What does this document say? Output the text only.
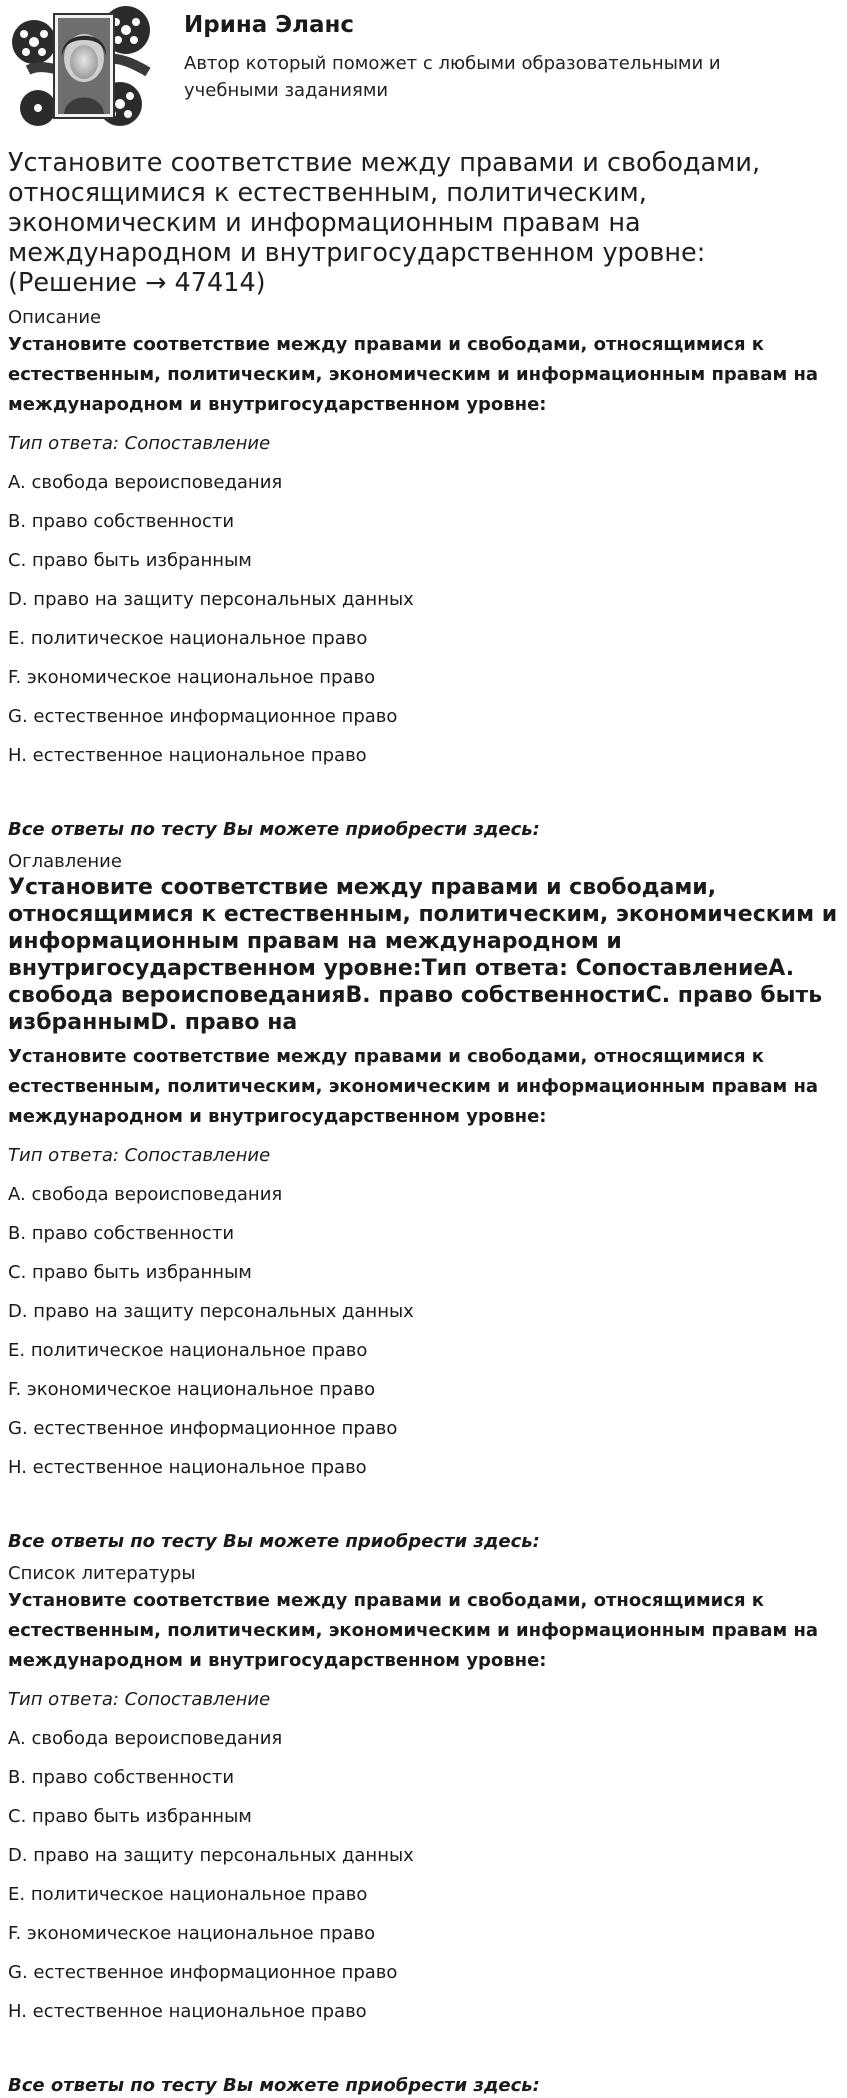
Ирина Эланс
Автор который поможет с любыми образовательными и учебными заданиями
Установите соответствие между правами и свободами, относящимися к естественным, политическим, экономическим и информационным правам на международном и внутригосударственном уровне: (Решение → 47414)
Описание

Установите соответствие между правами и свободами, относящимися к естественным, политическим, экономическим и информационным правам на международном и внутригосударственном уровне:

Тип ответа: Сопоставление

A. свобода вероисповедания
B. право собственности
C. право быть избранным
D. право на защиту персональных данных
E. политическое национальное право
F. экономическое национальное право
G. естественное информационное право
H. естественное национальное право

Все ответы по тесту Вы можете приобрести здесь:

Оглавление
Установите соответствие между правами и свободами, относящимися к естественным, политическим, экономическим и информационным правам на международном и внутригосударственном уровне:Тип ответа: СопоставлениеA. свобода вероисповеданияB. право собственностиC. право быть избраннымD. право на

Установите соответствие между правами и свободами, относящимися к естественным, политическим, экономическим и информационным правам на международном и внутригосударственном уровне:

Тип ответа: Сопоставление

A. свобода вероисповедания
B. право собственности
C. право быть избранным
D. право на защиту персональных данных
E. политическое национальное право
F. экономическое национальное право
G. естественное информационное право
H. естественное национальное право

Все ответы по тесту Вы можете приобрести здесь:

Список литературы

Установите соответствие между правами и свободами, относящимися к естественным, политическим, экономическим и информационным правам на международном и внутригосударственном уровне:

Тип ответа: Сопоставление

A. свобода вероисповедания
B. право собственности
C. право быть избранным
D. право на защиту персональных данных
E. политическое национальное право
F. экономическое национальное право
G. естественное информационное право
H. естественное национальное право

Все ответы по тесту Вы можете приобрести здесь:
